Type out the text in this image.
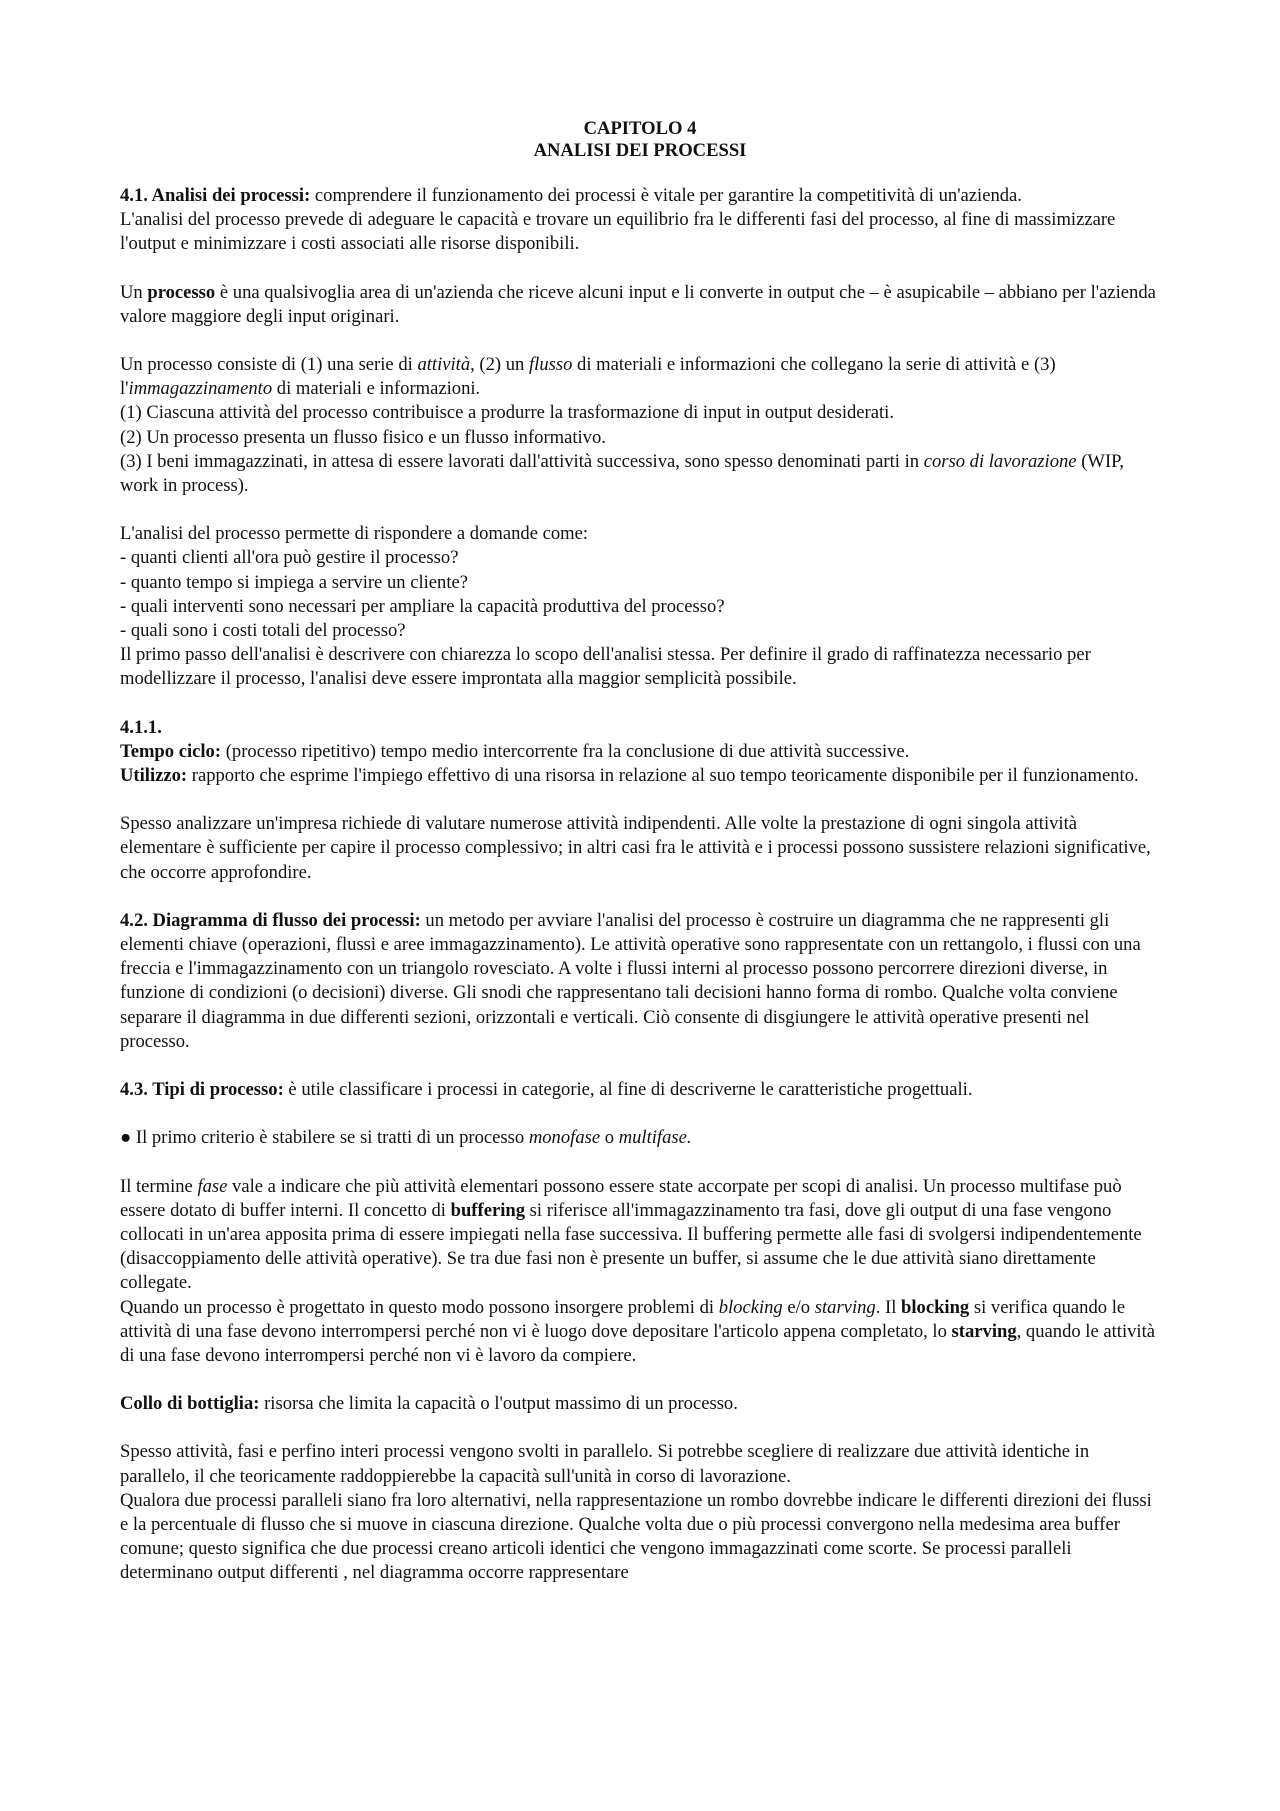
CAPITOLO 4
ANALISI DEI PROCESSI

4.1. Analisi dei processi: comprendere il funzionamento dei processi è vitale per garantire la competitività di un'azienda.

L'analisi del processo prevede di adeguare le capacità e trovare un equilibrio fra le differenti fasi del processo, al fine di massimizzare l'output e minimizzare i costi associati alle risorse disponibili.

Un processo è una qualsivoglia area di un'azienda che riceve alcuni input e li converte in output che – è asupicabile – abbiano per l'azienda valore maggiore degli input originari.

Un processo consiste di (1) una serie di attività, (2) un flusso di materiali e informazioni che collegano la serie di attività e (3) l'immagazzinamento di materiali e informazioni.

(1) Ciascuna attività del processo contribuisce a produrre la trasformazione di input in output desiderati.

(2) Un processo presenta un flusso fisico e un flusso informativo.

(3) I beni immagazzinati, in attesa di essere lavorati dall'attività successiva, sono spesso denominati parti in corso di lavorazione (WIP, work in process).

L'analisi del processo permette di rispondere a domande come:

- quanti clienti all'ora può gestire il processo?

- quanto tempo si impiega a servire un cliente?

- quali interventi sono necessari per ampliare la capacità produttiva del processo?

- quali sono i costi totali del processo?

Il primo passo dell'analisi è descrivere con chiarezza lo scopo dell'analisi stessa. Per definire il grado di raffinatezza necessario per modellizzare il processo, l'analisi deve essere improntata alla maggior semplicità possibile.

4.1.1.

Tempo ciclo: (processo ripetitivo) tempo medio intercorrente fra la conclusione di due attività successive.

Utilizzo: rapporto che esprime l'impiego effettivo di una risorsa in relazione al suo tempo teoricamente disponibile per il funzionamento.

Spesso analizzare un'impresa richiede di valutare numerose attività indipendenti. Alle volte la prestazione di ogni singola attività elementare è sufficiente per capire il processo complessivo; in altri casi fra le attività e i processi possono sussistere relazioni significative, che occorre approfondire.

4.2. Diagramma di flusso dei processi: un metodo per avviare l'analisi del processo è costruire un diagramma che ne rappresenti gli elementi chiave (operazioni, flussi e aree immagazzinamento). Le attività operative sono rappresentate con un rettangolo, i flussi con una freccia e l'immagazzinamento con un triangolo rovesciato. A volte i flussi interni al processo possono percorrere direzioni diverse, in funzione di condizioni (o decisioni) diverse. Gli snodi che rappresentano tali decisioni hanno forma di rombo. Qualche volta conviene separare il diagramma in due differenti sezioni, orizzontali e verticali. Ciò consente di disgiungere le attività operative presenti nel processo.

4.3. Tipi di processo: è utile classificare i processi in categorie, al fine di descriverne le caratteristiche progettuali.

● Il primo criterio è stabilere se si tratti di un processo monofase o multifase.

Il termine fase vale a indicare che più attività elementari possono essere state accorpate per scopi di analisi. Un processo multifase può essere dotato di buffer interni. Il concetto di buffering si riferisce all'immagazzinamento tra fasi, dove gli output di una fase vengono collocati in un'area apposita prima di essere impiegati nella fase successiva. Il buffering permette alle fasi di svolgersi indipendentemente (disaccoppiamento delle attività operative). Se tra due fasi non è presente un buffer, si assume che le due attività siano direttamente collegate.

Quando un processo è progettato in questo modo possono insorgere problemi di blocking e/o starving. Il blocking si verifica quando le attività di una fase devono interrompersi perché non vi è luogo dove depositare l'articolo appena completato, lo starving, quando le attività di una fase devono interrompersi perché non vi è lavoro da compiere.

Collo di bottiglia: risorsa che limita la capacità o l'output massimo di un processo.

Spesso attività, fasi e perfino interi processi vengono svolti in parallelo. Si potrebbe scegliere di realizzare due attività identiche in parallelo, il che teoricamente raddoppierebbe la capacità sull'unità in corso di lavorazione.

Qualora due processi paralleli siano fra loro alternativi, nella rappresentazione un rombo dovrebbe indicare le differenti direzioni dei flussi e la percentuale di flusso che si muove in ciascuna direzione. Qualche volta due o più processi convergono nella medesima area buffer comune; questo significa che due processi creano articoli identici che vengono immagazzinati come scorte. Se processi paralleli determinano output differenti , nel diagramma occorre rappresentare
